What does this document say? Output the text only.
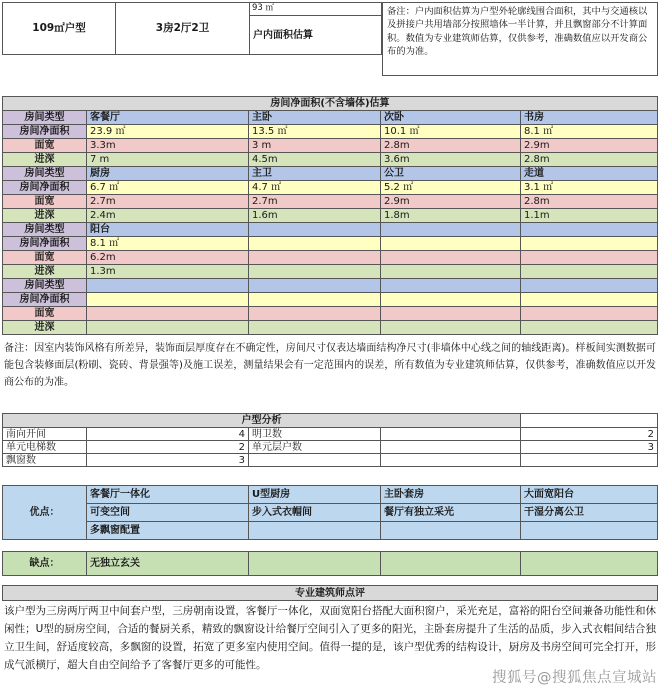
109㎡户型	3房2厅2卫
93 ㎡
户内面积估算
备注：户内面积估算为户型外轮廓线围合面积，其中与交通核以及拼接户共用墙部分按照墙体一半计算，并且飘窗部分不计算面积。数值为专业建筑师估算，仅供参考，准确数值应以开发商公布的为准。
房间净面积(不含墙体)估算
房间类型	客餐厅	主卧	次卧	书房
房间净面积	23.9 ㎡	13.5 ㎡	10.1 ㎡	8.1 ㎡
面宽	3.3m	3 m	2.8m	2.9m
进深	7 m	4.5m	3.6m	2.8m
房间类型	厨房	主卫	公卫	走道
房间净面积	6.7 ㎡	4.7 ㎡	5.2 ㎡	3.1 ㎡
面宽	2.7m	2.7m	2.9m	2.8m
进深	2.4m	1.6m	1.8m	1.1m
房间类型	阳台
房间净面积	8.1 ㎡
面宽	6.2m
进深	1.3m
房间类型
房间净面积
面宽
进深
备注：因室内装饰风格有所差异，装饰面层厚度存在不确定性，房间尺寸仅表达墙面结构净尺寸(非墙体中心线之间的轴线距离)。样板间实测数据可能包含装修面层(粉刷、瓷砖、背景强等)及施工误差，测量结果会有一定范围内的误差，所有数值为专业建筑师估算，仅供参考，准确数值应以开发商公布的为准。
户型分析
南向开间	4 明卫数	2
单元电梯数	2 单元层户数	3
飘窗数	3
优点：
客餐厅一体化	U型厨房	主卧套房	大面宽阳台
可变空间	步入式衣帽间	餐厅有独立采光	干湿分离公卫
多飘窗配置
缺点：	无独立玄关
专业建筑师点评
该户型为三房两厅两卫中间套户型，三房朝南设置，客餐厅一体化，双面宽阳台搭配大面积窗户，采光充足，富裕的阳台空间兼备功能性和休闲性；U型的厨房空间，合适的餐厨关系，精致的飘窗设计给餐厅空间引入了更多的阳光，主卧套房提升了生活的品质，步入式衣帽间结合独立卫生间，舒适度较高，多飘窗的设置，拓宽了更多室内使用空间。值得一提的是，该户型优秀的结构设计，厨房及书房空间可完全打开，形成气派横厅，超大自由空间给予了客餐厅更多的可能性。
搜狐号@搜狐焦点宣城站
